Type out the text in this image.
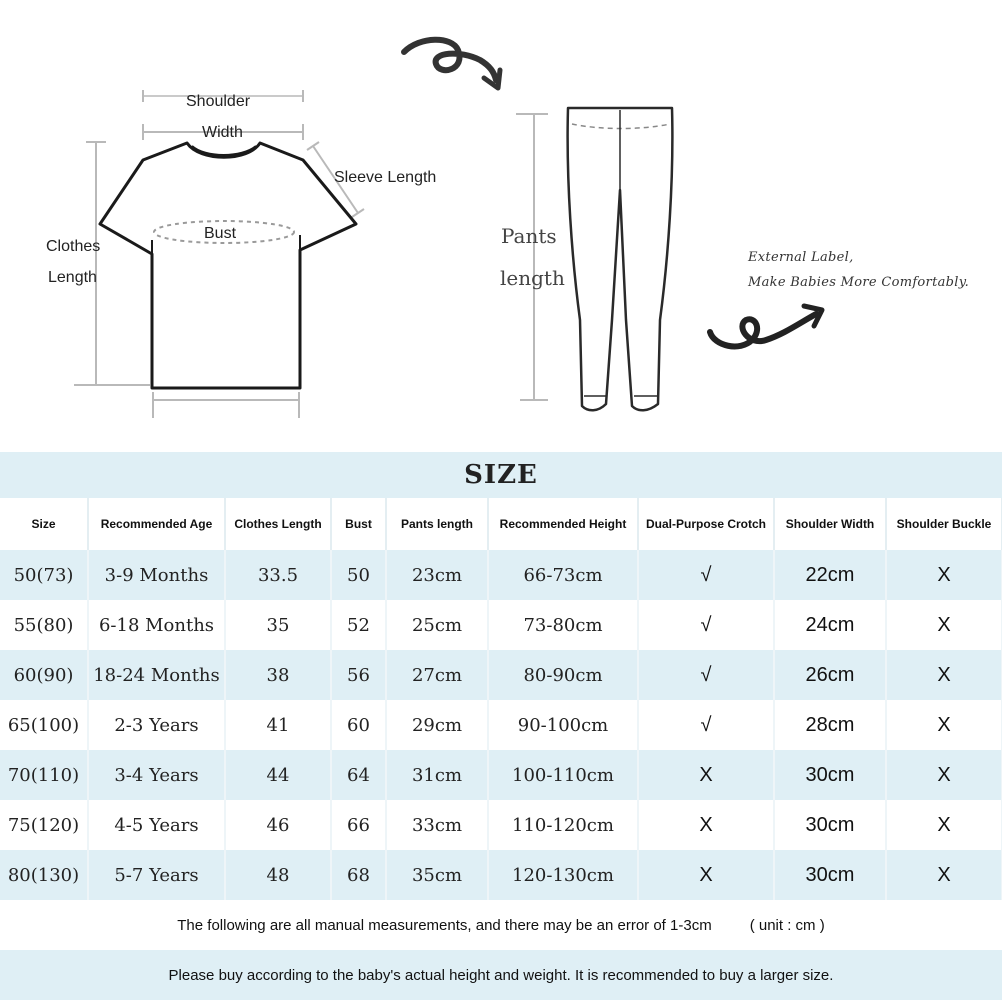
Shoulder
Width
Sleeve Length
Bust
Clothes
Length
Pants
length
External Label,
Make Babies More Comfortably.
SIZE
Size	Recommended Age	Clothes Length	Bust	Pants length	Recommended Height	Dual-Purpose Crotch	Shoulder Width	Shoulder Buckle
50(73)	3-9 Months	33.5	50	23cm	66-73cm	√	22cm	X
55(80)	6-18 Months	35	52	25cm	73-80cm	√	24cm	X
60(90)	18-24 Months	38	56	27cm	80-90cm	√	26cm	X
65(100)	2-3 Years	41	60	29cm	90-100cm	√	28cm	X
70(110)	3-4 Years	44	64	31cm	100-110cm	X	30cm	X
75(120)	4-5 Years	46	66	33cm	110-120cm	X	30cm	X
80(130)	5-7 Years	48	68	35cm	120-130cm	X	30cm	X
The following are all manual measurements, and there may be an error of 1-3cm	( unit : cm )
Please buy according to the baby's actual height and weight. It is recommended to buy a larger size.
